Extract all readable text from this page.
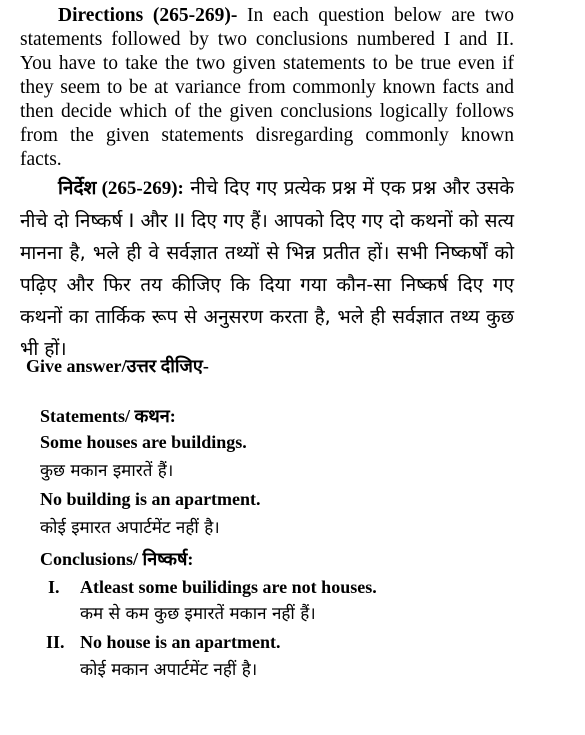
Directions (265-269)- In each question below are two statements followed by two conclusions numbered I and II. You have to take the two given statements to be true even if they seem to be at variance from commonly known facts and then decide which of the given conclusions logically follows from the given statements disregarding commonly known facts.
निर्देश (265-269): नीचे दिए गए प्रत्येक प्रश्न में एक प्रश्न और उसके नीचे दो निष्कर्ष I और II दिए गए हैं। आपको दिए गए दो कथनों को सत्य मानना है, भले ही वे सर्वज्ञात तथ्यों से भिन्न प्रतीत हों। सभी निष्कर्षों को पढ़िए और फिर तय कीजिए कि दिया गया कौन-सा निष्कर्ष दिए गए कथनों का तार्किक रूप से अनुसरण करता है, भले ही सर्वज्ञात तथ्य कुछ भी हों।
Give answer/उत्तर दीजिए-
Statements/ कथन:
Some houses are buildings.
कुछ मकान इमारतें हैं।
No building is an apartment.
कोई इमारत अपार्टमेंट नहीं है।
Conclusions/ निष्कर्ष:
I. Atleast some builidings are not houses.
कम से कम कुछ इमारतें मकान नहीं हैं।
II. No house is an apartment.
कोई मकान अपार्टमेंट नहीं है।
